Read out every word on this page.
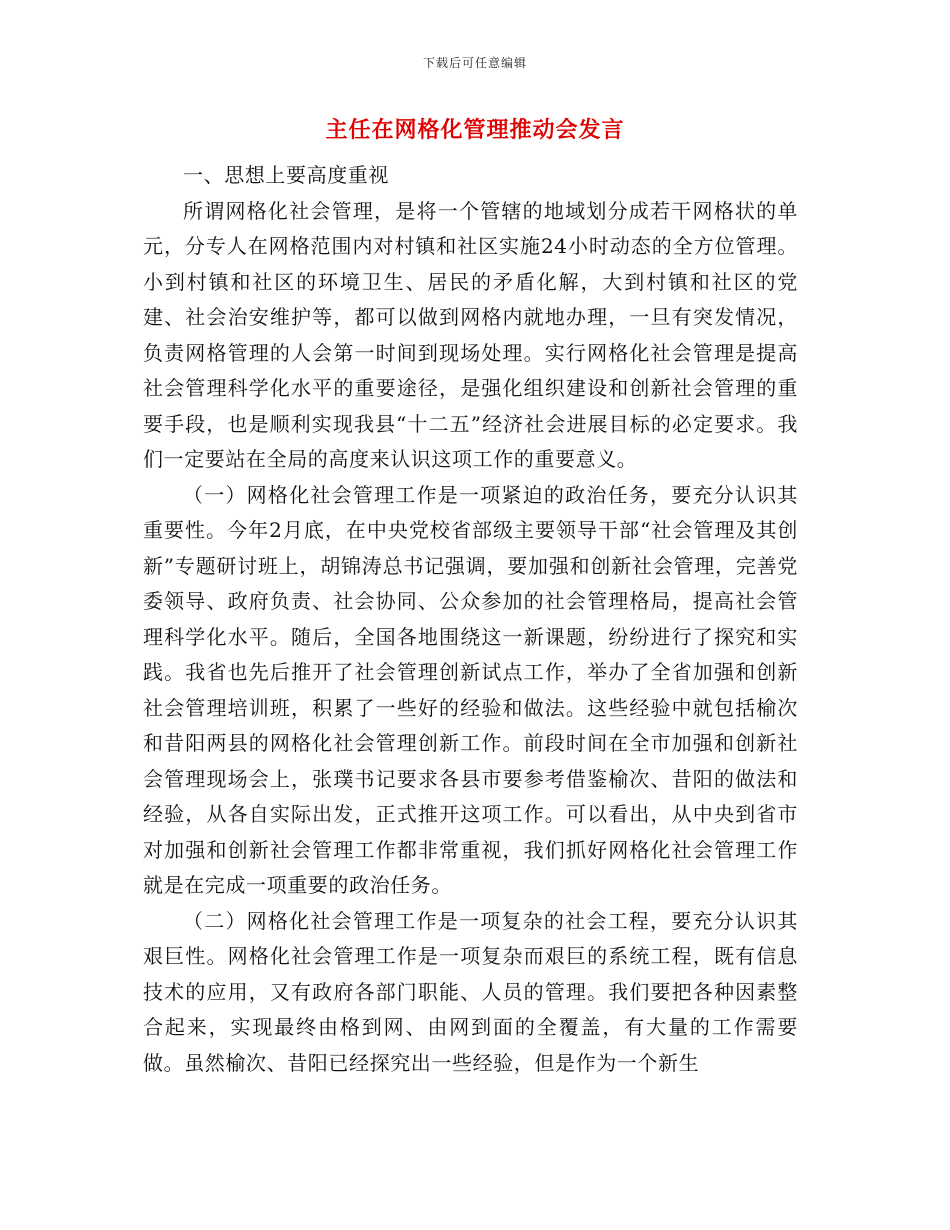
下载后可任意编辑
主任在网格化管理推动会发言

一、思想上要高度重视

所谓网格化社会管理，是将一个管辖的地域划分成若干网格状的单元，分专人在网格范围内对村镇和社区实施24小时动态的全方位管理。小到村镇和社区的环境卫生、居民的矛盾化解，大到村镇和社区的党建、社会治安维护等，都可以做到网格内就地办理，一旦有突发情况，负责网格管理的人会第一时间到现场处理。实行网格化社会管理是提高社会管理科学化水平的重要途径，是强化组织建设和创新社会管理的重要手段，也是顺利实现我县“十二五”经济社会进展目标的必定要求。我们一定要站在全局的高度来认识这项工作的重要意义。

（一）网格化社会管理工作是一项紧迫的政治任务，要充分认识其重要性。今年2月底，在中央党校省部级主要领导干部“社会管理及其创新”专题研讨班上，胡锦涛总书记强调，要加强和创新社会管理，完善党委领导、政府负责、社会协同、公众参加的社会管理格局，提高社会管理科学化水平。随后，全国各地围绕这一新课题，纷纷进行了探究和实践。我省也先后推开了社会管理创新试点工作，举办了全省加强和创新社会管理培训班，积累了一些好的经验和做法。这些经验中就包括榆次和昔阳两县的网格化社会管理创新工作。前段时间在全市加强和创新社会管理现场会上，张璞书记要求各县市要参考借鉴榆次、昔阳的做法和经验，从各自实际出发，正式推开这项工作。可以看出，从中央到省市对加强和创新社会管理工作都非常重视，我们抓好网格化社会管理工作就是在完成一项重要的政治任务。

（二）网格化社会管理工作是一项复杂的社会工程，要充分认识其艰巨性。网格化社会管理工作是一项复杂而艰巨的系统工程，既有信息技术的应用，又有政府各部门职能、人员的管理。我们要把各种因素整合起来，实现最终由格到网、由网到面的全覆盖，有大量的工作需要做。虽然榆次、昔阳已经探究出一些经验，但是作为一个新生
